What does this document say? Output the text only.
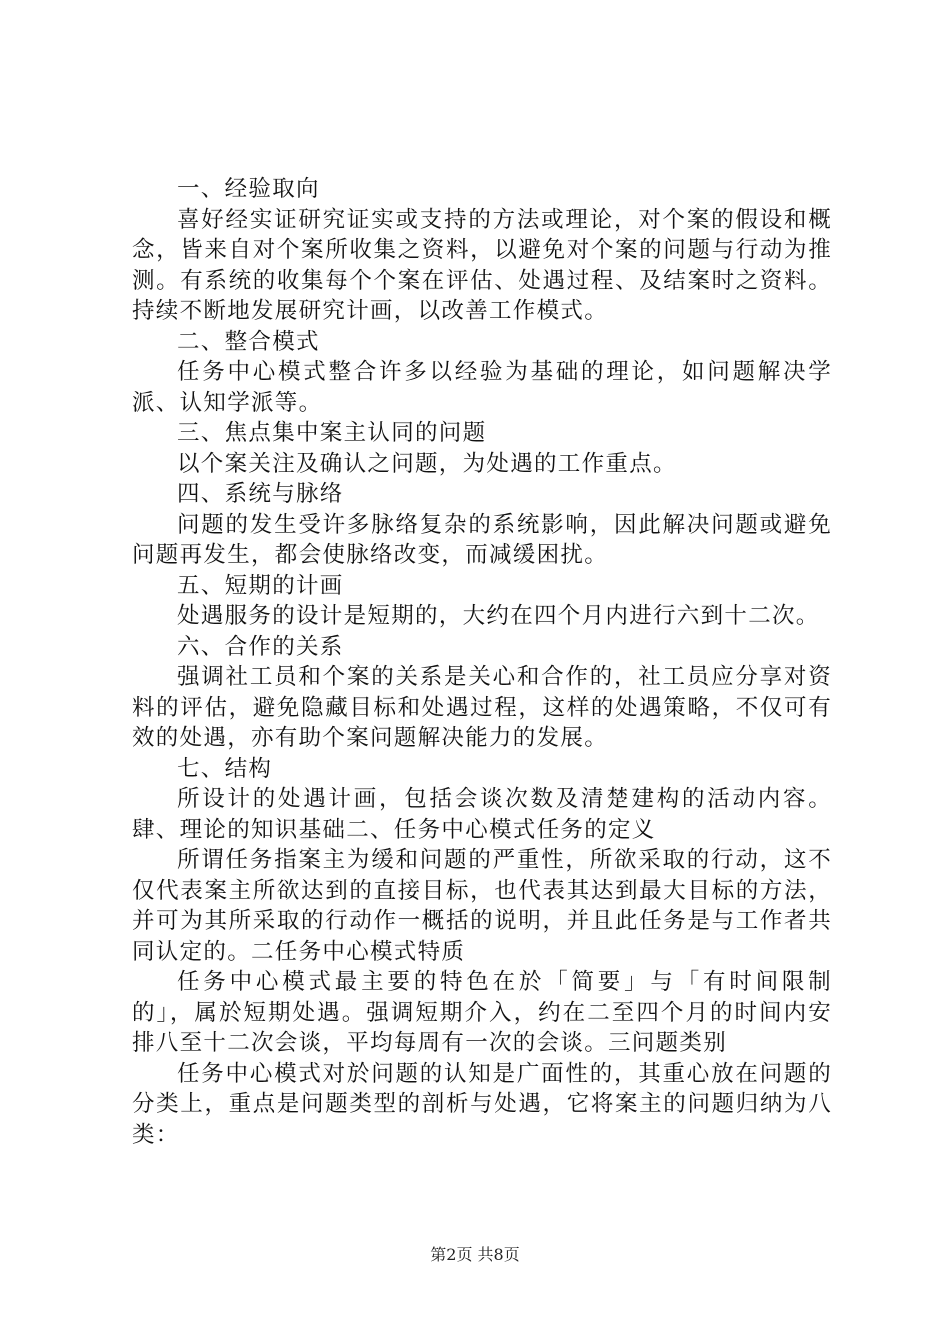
一、经验取向

喜好经实证研究证实或支持的方法或理论，对个案的假设和概念，皆来自对个案所收集之资料，以避免对个案的问题与行动为推测。有系统的收集每个个案在评估、处遇过程、及结案时之资料。持续不断地发展研究计画，以改善工作模式。

二、整合模式

任务中心模式整合许多以经验为基础的理论，如问题解决学派、认知学派等。

三、焦点集中案主认同的问题

以个案关注及确认之问题，为处遇的工作重点。

四、系统与脉络

问题的发生受许多脉络复杂的系统影响，因此解决问题或避免问题再发生，都会使脉络改变，而减缓困扰。

五、短期的计画

处遇服务的设计是短期的，大约在四个月内进行六到十二次。

六、合作的关系

强调社工员和个案的关系是关心和合作的，社工员应分享对资料的评估，避免隐藏目标和处遇过程，这样的处遇策略，不仅可有效的处遇，亦有助个案问题解决能力的发展。

七、结构

所设计的处遇计画，包括会谈次数及清楚建构的活动内容。肆、理论的知识基础二、任务中心模式任务的定义

所谓任务指案主为缓和问题的严重性，所欲采取的行动，这不仅代表案主所欲达到的直接目标，也代表其达到最大目标的方法，并可为其所采取的行动作一概括的说明，并且此任务是与工作者共同认定的。二任务中心模式特质

任务中心模式最主要的特色在於「简要」与「有时间限制的」，属於短期处遇。强调短期介入，约在二至四个月的时间内安排八至十二次会谈，平均每周有一次的会谈。三问题类别

任务中心模式对於问题的认知是广面性的，其重心放在问题的分类上，重点是问题类型的剖析与处遇，它将案主的问题归纳为八类：

第2页 共8页
